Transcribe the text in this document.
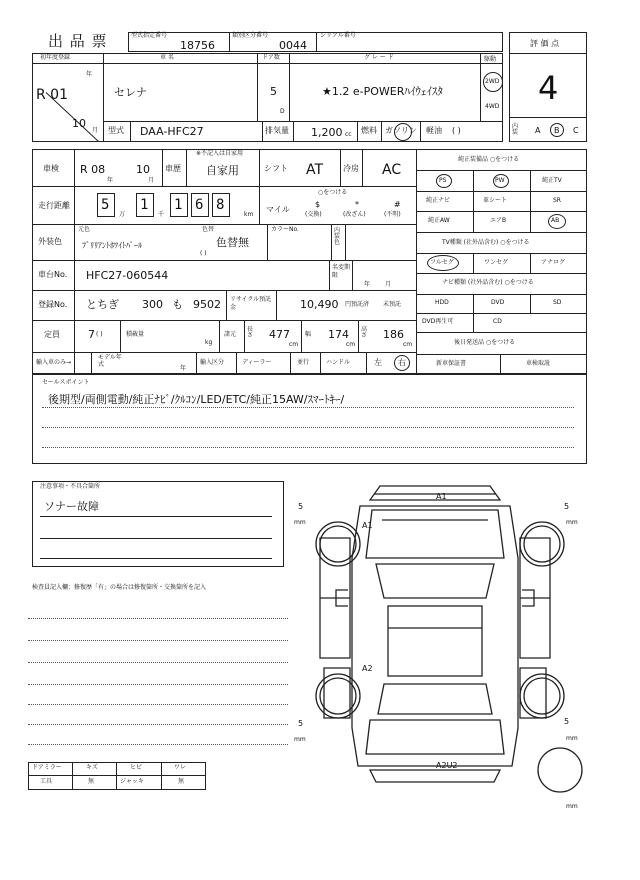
出 品 票	型式指定番号
18756
類別区分番号
0044
シリアル番号
評 価 点
4
内装 A B C
初年度登録
R 01
年
10
月
車 名
セレナ
ドア数
5
D
グ レ ー ド
★1.2 e-POWERﾊｲｳｪｲｽﾀ
駆動
2WD
4WD
型式 DAA-HFC27	排気量 1,200 cc 燃料 ガソリン 軽油 ( )
車検 R 08
年
10
月
車歴
※不記入は自家用
自家用	シフト AT 冷房 AC
走行距離 5
万
1
千
1 6 8
km
○をつける
マイル
$
(交換)
*
(改ざん)
#
(不明)
外装色
元色
ﾌﾞﾘﾘｱﾝﾄﾎﾜｲﾄﾊﾟｰﾙ
色替
色替無
( )
カラーNo.	内装色
車台No. HFC27-060544
名変期限
年 月
登録No. とちぎ 300 も 9502 リサイクル預託金	10,490 円預託済 未預託
定員	7 ( )	積載量
kg
諸元
長さ 477
cm
幅 174
cm
高さ 186
cm
輸入車のみ→
モデル年式
年
輸入区分	ディーラー	並行	ハンドル	左 右
純正装備品 ○をつける
PS	PW	純正TV
純正ナビ	革シート	SR
純正AW	エアB	AB
TV種類 (社外品含む) ○をつける
フルセグ	ワンセグ	アナログ
ナビ種類 (社外品含む) ○をつける
HDD	DVD	SD
DVD再生可	CD
後日発送品 ○をつける
新車保証書	車検取説
セールスポイント
後期型/両側電動/純正ﾅﾋﾞ/ｸﾙｺﾝ/LED/ETC/純正15AW/ｽﾏｰﾄｷｰ/
注意事項・不具合箇所
ソナー故障
検査員記入欄：修復歴「有」の場合は修復箇所・交換箇所を記入
ドアミラー	キズ	ヒビ	ワレ
工具	無	ジャッキ	無
A1
A1
A2
A2U2
5
mm
5
mm
5
mm
5
mm
mm
